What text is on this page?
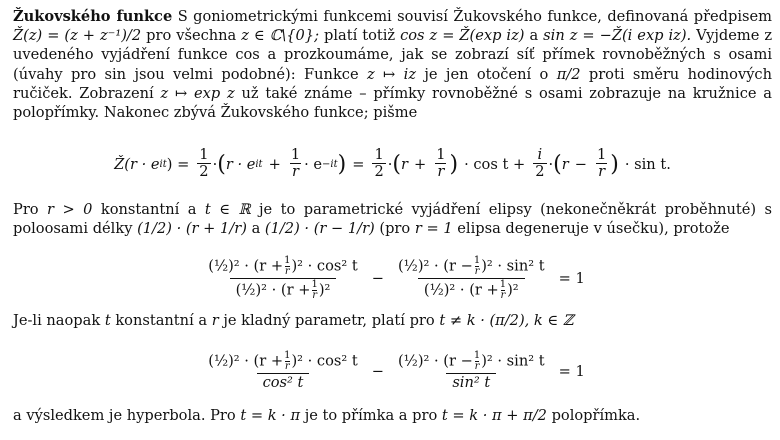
Žukovského funkce S goniometrickými funkcemi souvisí Žukovského funkce, definovaná předpisem Ž(z) = (z + z⁻¹)/2 pro všechna z ∈ ℂ\{0}; platí totiž cos z = Ž(exp iz) a sin z = −Ž(i exp iz). Vyjdeme z uvedeného vyjádření funkce cos a prozkoumáme, jak se zobrazí síť přímek rovnoběžných s osami (úvahy pro sin jsou velmi podobné): Funkce z ↦ iz je jen otočení o π/2 proti směru hodinových ručiček. Zobrazení z ↦ exp z už také známe – přímky rovnoběžné s osami zobrazuje na kružnice a polopřímky. Nakonec zbývá Žukovského funkce; pišme

Ž(r · e it ) = $\frac{1}{2}$ · ( r · e it + $\frac{1}{r} \cdot e -it$ ) = $\frac{1}{2}$ · ( $r + \frac{1}{r}$ ) · $\cos t + \frac{i}{2}$ · ( $r - \frac{1}{r}$ ) · sin t.

Pro r > 0 konstantní a t ∈ ℝ je to parametrické vyjádření elipsy (nekonečněkrát proběhnuté) s poloosami délky (1/2) · (r + 1/r) a (1/2) · (r − 1/r) (pro r = 1 elipsa degeneruje v úsečku), protože

$\frac{(\frac{1}{2})^2 \cdot (r + \frac{1}{r} )^2 \cdot \cos^2 t}{(\frac{1}{2})^2 \cdot (r + \frac{1}{r} )^2} - \frac{(\frac{1}{2})^2 \cdot (r - \frac{1}{r} )^2 \cdot \sin^2 t}{(\frac{1}{2})^2 \cdot (r + \frac{1}{r} )^2} = 1$

Je-li naopak t konstantní a r je kladný parametr, platí pro t ≠ k · (π/2), k ∈ ℤ

$\frac{(\frac{1}{2})^2 \cdot (r + \frac{1}{r} )^2 \cdot \cos^2 t}{\text{cos² t}} - \frac{(\frac{1}{2})^2 \cdot (r - \frac{1}{r} )^2 \cdot \sin^2 t}{\text{sin² t}} = 1$

a výsledkem je hyperbola. Pro t = k · π je to přímka a pro t = k · π + π/2 polopřímka.
